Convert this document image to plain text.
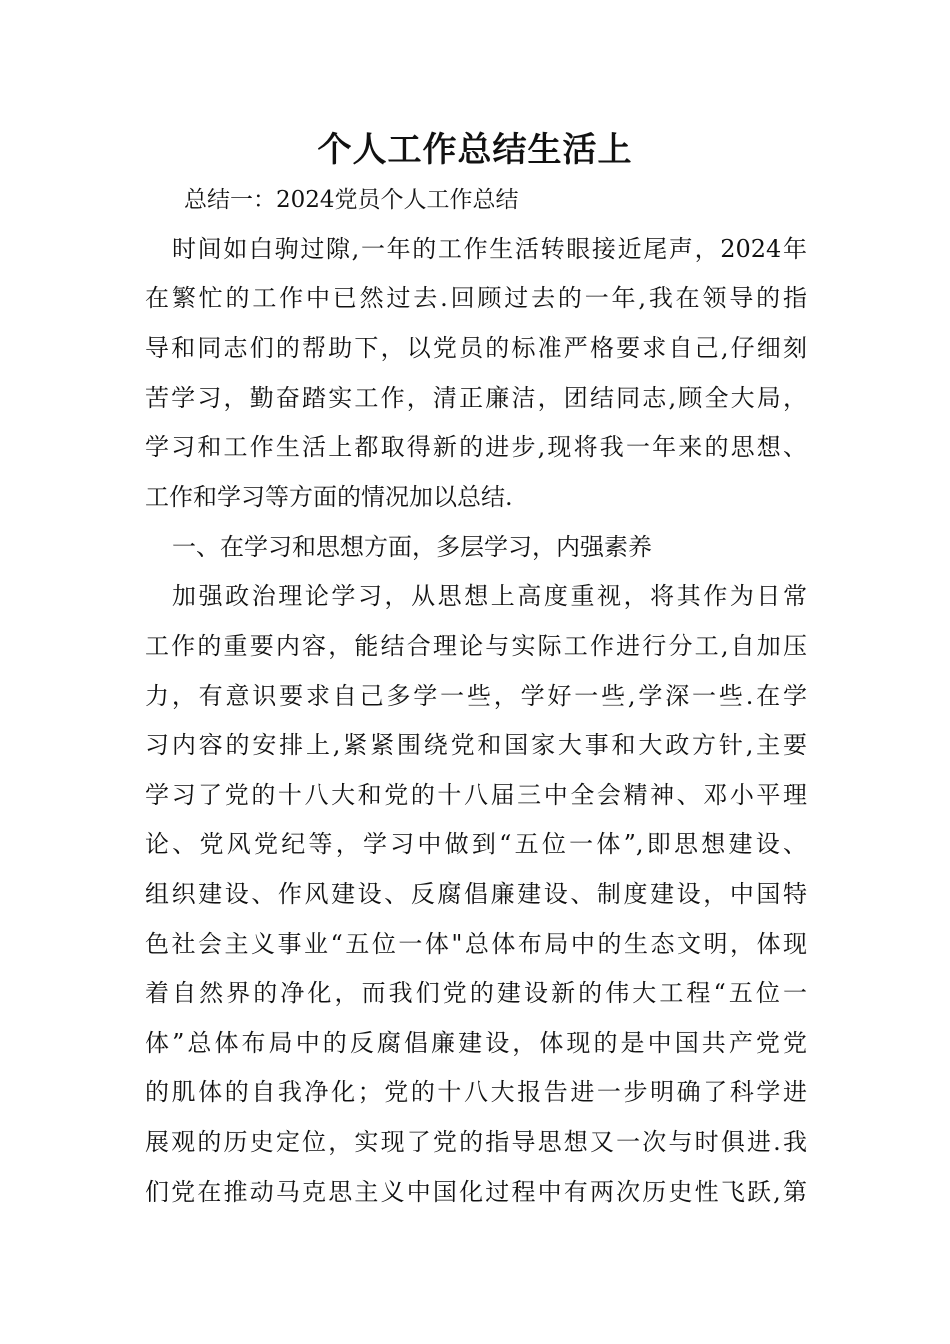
个人工作总结生活上
总结一：2024党员个人工作总结
时间如白驹过隙,一年的工作生活转眼接近尾声，2024年
在繁忙的工作中已然过去.回顾过去的一年,我在领导的指
导和同志们的帮助下，以党员的标准严格要求自己,仔细刻
苦学习，勤奋踏实工作，清正廉洁，团结同志,顾全大局，
学习和工作生活上都取得新的进步,现将我一年来的思想、
工作和学习等方面的情况加以总结.
一、在学习和思想方面，多层学习，内强素养
加强政治理论学习，从思想上高度重视，将其作为日常
工作的重要内容，能结合理论与实际工作进行分工,自加压
力，有意识要求自己多学一些，学好一些,学深一些.在学
习内容的安排上,紧紧围绕党和国家大事和大政方针,主要
学习了党的十八大和党的十八届三中全会精神、邓小平理
论、党风党纪等，学习中做到“五位一体”,即思想建设、
组织建设、作风建设、反腐倡廉建设、制度建设，中国特
色社会主义事业“五位一体"总体布局中的生态文明，体现
着自然界的净化，而我们党的建设新的伟大工程“五位一
体”总体布局中的反腐倡廉建设，体现的是中国共产党党
的肌体的自我净化；党的十八大报告进一步明确了科学进
展观的历史定位，实现了党的指导思想又一次与时俱进.我
们党在推动马克思主义中国化过程中有两次历史性飞跃,第
